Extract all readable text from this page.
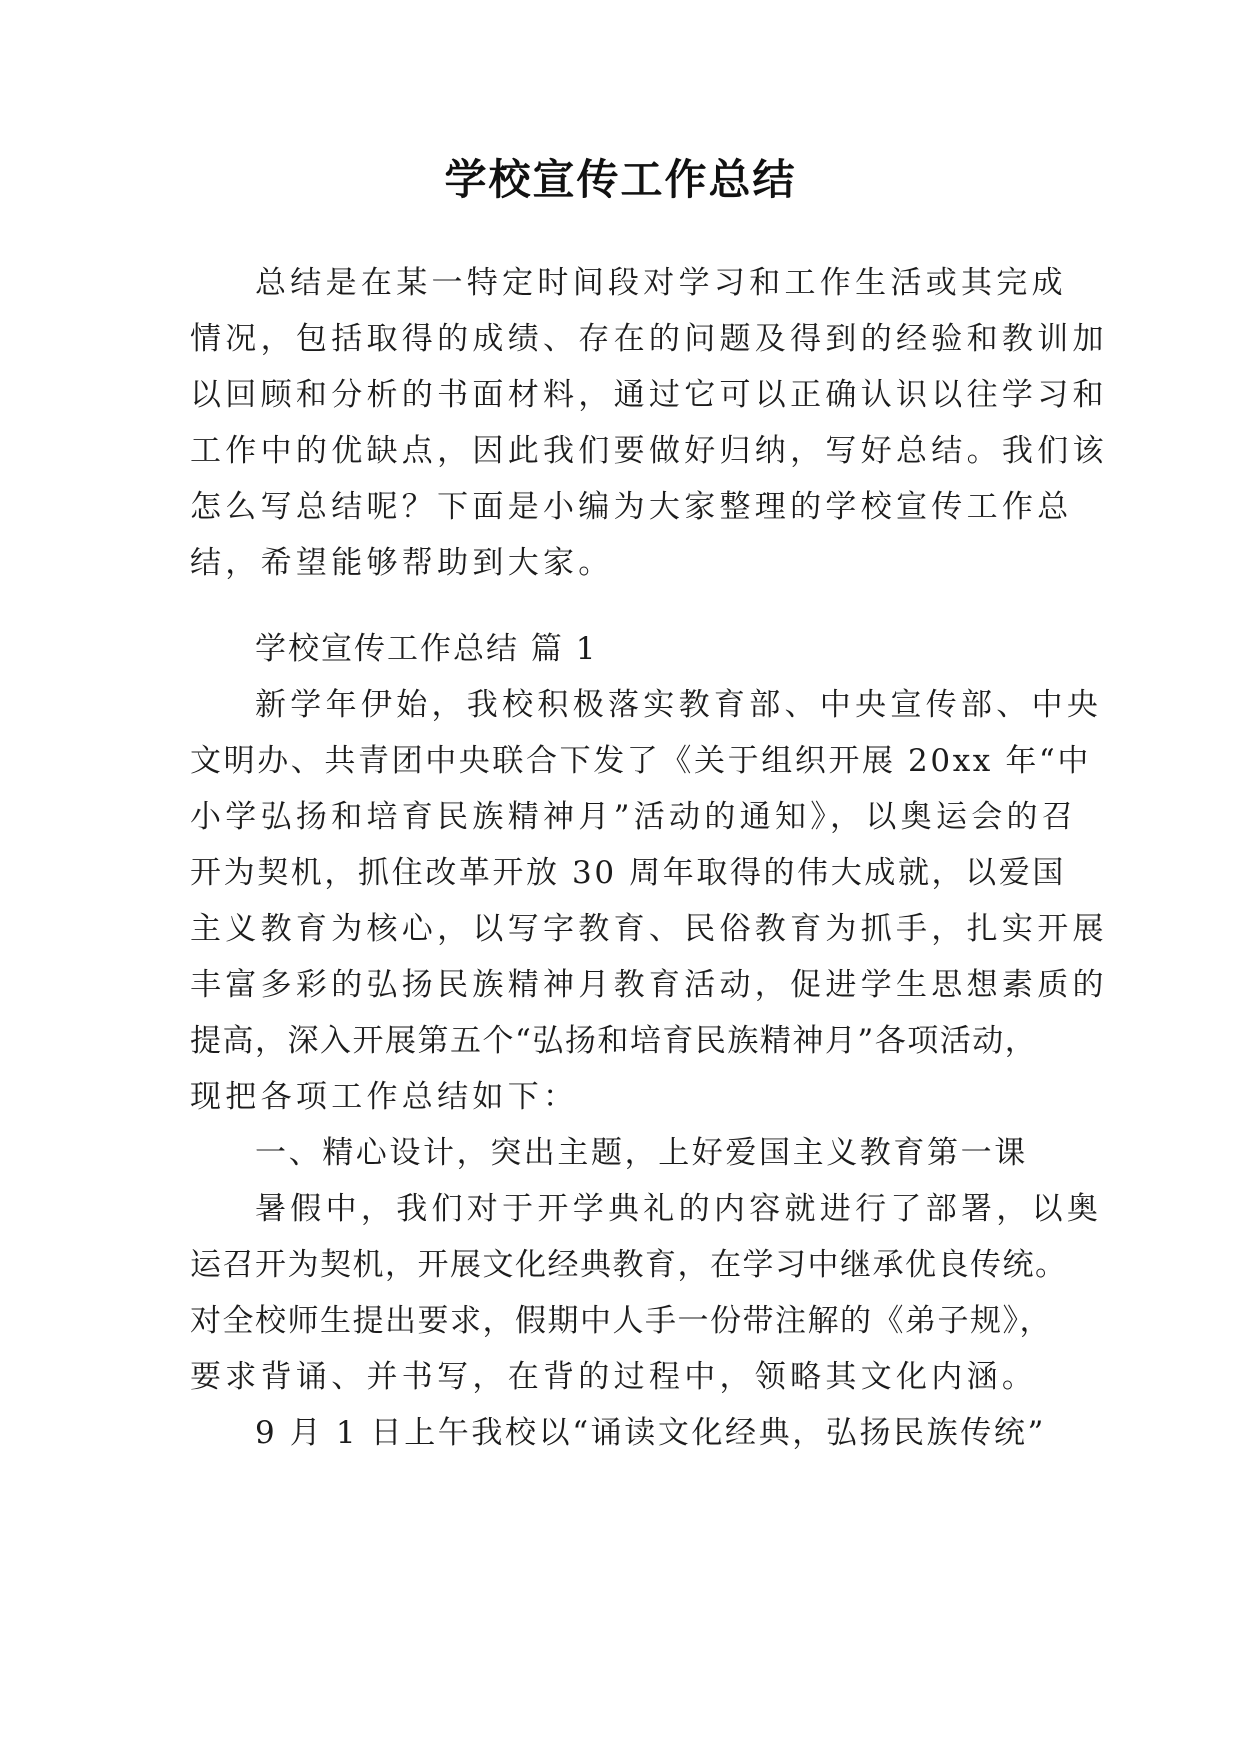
学校宣传工作总结
总结是在某一特定时间段对学习和工作生活或其完成
情况，包括取得的成绩、存在的问题及得到的经验和教训加
以回顾和分析的书面材料，通过它可以正确认识以往学习和
工作中的优缺点，因此我们要做好归纳，写好总结。我们该
怎么写总结呢？下面是小编为大家整理的学校宣传工作总
结，希望能够帮助到大家。
学校宣传工作总结 篇 1
新学年伊始，我校积极落实教育部、中央宣传部、中央
文明办、共青团中央联合下发了《关于组织开展 20xx 年“中
小学弘扬和培育民族精神月”活动的通知》，以奥运会的召
开为契机，抓住改革开放 30 周年取得的伟大成就，以爱国
主义教育为核心，以写字教育、民俗教育为抓手，扎实开展
丰富多彩的弘扬民族精神月教育活动，促进学生思想素质的
提高，深入开展第五个“弘扬和培育民族精神月”各项活动，
现把各项工作总结如下：
一、精心设计，突出主题，上好爱国主义教育第一课
暑假中，我们对于开学典礼的内容就进行了部署，以奥
运召开为契机，开展文化经典教育，在学习中继承优良传统。
对全校师生提出要求，假期中人手一份带注解的《弟子规》，
要求背诵、并书写，在背的过程中，领略其文化内涵。
9 月 1 日上午我校以“诵读文化经典，弘扬民族传统”
